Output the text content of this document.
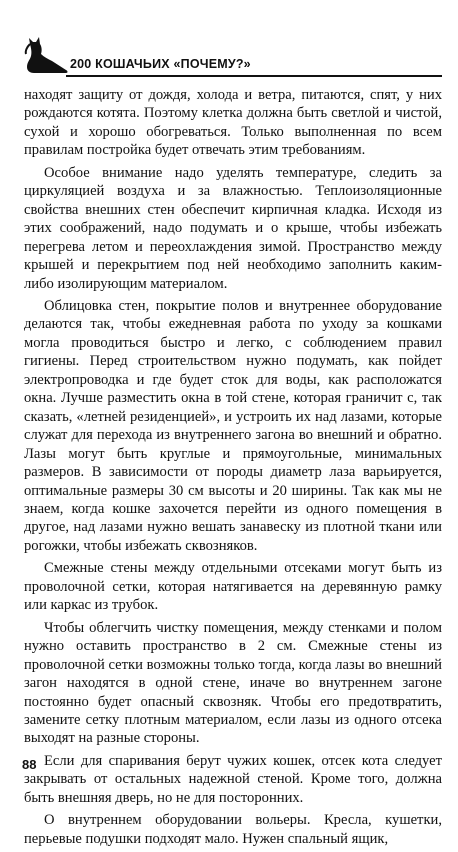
200 КОШАЧЬИХ «ПОЧЕМУ?»

находят защиту от дождя, холода и ветра, питаются, спят, у них рождаются котята. Поэтому клетка должна быть светлой и чистой, сухой и хорошо обогреваться. Только выполненная по всем правилам постройка будет отвечать этим требованиям.

Особое внимание надо уделять температуре, следить за циркуляцией воздуха и за влажностью. Теплоизоляционные свойства внешних стен обеспечит кирпичная кладка. Исходя из этих соображений, надо подумать и о крыше, чтобы избежать перегрева летом и переохлаждения зимой. Пространство между крышей и перекрытием под ней необходимо заполнить каким-либо изолирующим материалом.

Облицовка стен, покрытие полов и внутреннее оборудование делаются так, чтобы ежедневная работа по уходу за кошками могла проводиться быстро и легко, с соблюдением правил гигиены. Перед строительством нужно подумать, как пойдет электропроводка и где будет сток для воды, как расположатся окна. Лучше разместить окна в той стене, которая граничит с, так сказать, «летней резиденцией», и устроить их над лазами, которые служат для перехода из внутреннего загона во внешний и обратно. Лазы могут быть круглые и прямоугольные, минимальных размеров. В зависимости от породы диаметр лаза варьируется, оптимальные размеры 30 см высоты и 20 ширины. Так как мы не знаем, когда кошке захочется перейти из одного помещения в другое, над лазами нужно вешать занавеску из плотной ткани или рогожки, чтобы избежать сквозняков.

Смежные стены между отдельными отсеками могут быть из проволочной сетки, которая натягивается на деревянную рамку или каркас из трубок.

Чтобы облегчить чистку помещения, между стенками и полом нужно оставить пространство в 2 см. Смежные стены из проволочной сетки возможны только тогда, когда лазы во внешний загон находятся в одной стене, иначе во внутреннем загоне постоянно будет опасный сквозняк. Чтобы его предотвратить, замените сетку плотным материалом, если лазы из одного отсека выходят на разные стороны.

Если для спаривания берут чужих кошек, отсек кота следует закрывать от остальных надежной стеной. Кроме того, должна быть внешняя дверь, но не для посторонних.

О внутреннем оборудовании вольеры. Кресла, кушетки, перьевые подушки подходят мало. Нужен спальный ящик,

88
